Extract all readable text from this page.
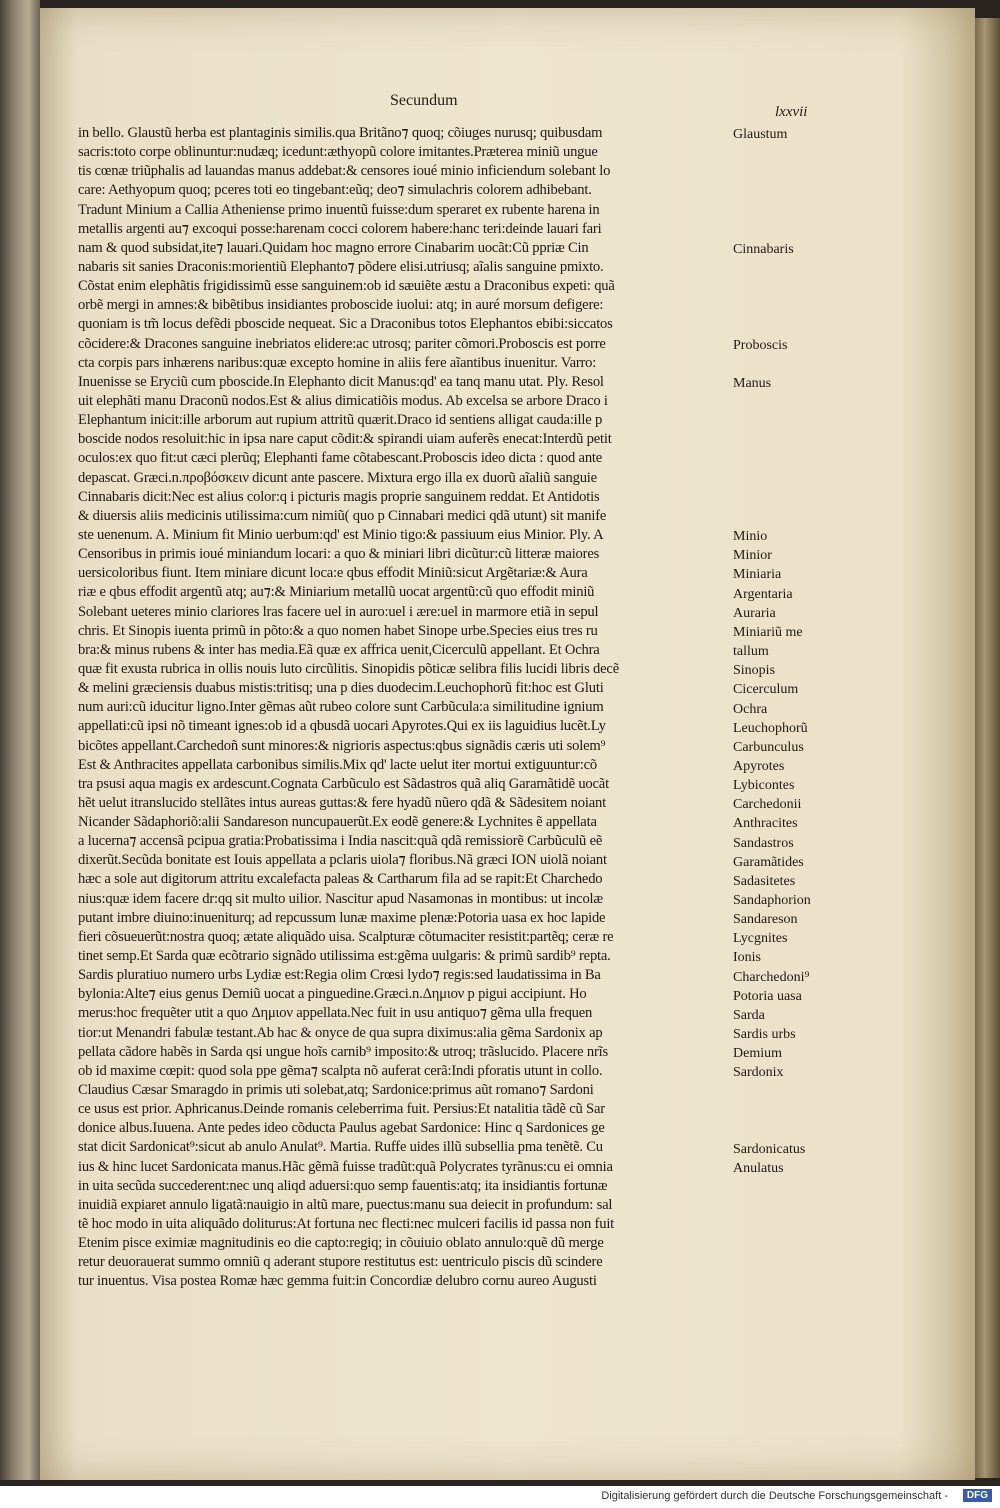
Secundum
lxxvii
in bello. Glaustũ herba est plantaginis similis.qua Britãno⁊ quoq; cõiuges nurusq; quibusdam
sacris:toto corpe oblinuntur:nudæq; icedunt:æthyopũ colore imitantes.Præterea miniũ ungue
tis cœnæ triũphalis ad lauandas manus addebat:& censores ioué minio inficiendum solebant lo
care: Aethyopum quoq; pceres toti eo tingebant:eũq; deo⁊ simulachris colorem adhibebant.
Tradunt Minium a Callia Atheniense primo inuentũ fuisse:dum speraret ex rubente harena in
metallis argenti au⁊ excoqui posse:harenam cocci colorem habere:hanc teri:deinde lauari fari
nam & quod subsidat,ite⁊ lauari.Quidam hoc magno errore Cinabarim uocãt:Cũ ppriæ Cin
nabaris sit sanies Draconis:morientiũ Elephanto⁊ põdere elisi.utriusq; aĩalis sanguine pmixto.
Cõstat enim elephãtis frigidissimũ esse sanguinem:ob id sæuiẽte æstu a Draconibus expeti: quã
orbẽ mergi in amnes:& bibẽtibus insidiantes proboscide iuolui: atq; in auré morsum defigere:
quoniam is tm̃ locus defẽdi pboscide nequeat. Sic a Draconibus totos Elephantos ebibi:siccatos
cõcidere:& Dracones sanguine inebriatos elidere:ac utrosq; pariter cõmori.Proboscis est porre
cta corpis pars inhærens naribus:quæ excepto homine in aliis fere aĩantibus inuenitur. Varro:
Inuenisse se Eryciũ cum pboscide.In Elephanto dicit Manus:qd' ea tanq manu utat. Ply. Resol
uit elephãti manu Draconũ nodos.Est & alius dimicatiõis modus. Ab excelsa se arbore Draco i
Elephantum inicit:ille arborum aut rupium attritũ quærit.Draco id sentiens alligat cauda:ille p
boscide nodos resoluit:hic in ipsa nare caput cõdit:& spirandi uiam auferẽs enecat:Interdũ petit
oculos:ex quo fit:ut cæci plerũq; Elephanti fame cõtabescant.Proboscis ideo dicta : quod ante
depascat. Græci.n.προβόσκειν dicunt ante pascere. Mixtura ergo illa ex duorũ aĩaliũ sanguie
Cinnabaris dicit:Nec est alius color:q i picturis magis proprie sanguinem reddat. Et Antidotis
& diuersis aliis medicinis utilissima:cum nimiũ( quo p Cinnabari medici qdã utunt) sit manife
ste uenenum. A. Minium fit Minio uerbum:qd' est Minio tigo:& passiuum eius Minior. Ply. A
Censoribus in primis ioué miniandum locari: a quo & miniari libri dicũtur:cũ litteræ maiores
uersicoloribus fiunt. Item miniare dicunt loca:e qbus effodit Miniũ:sicut Argẽtariæ:& Aura
riæ e qbus effodit argentũ atq; au⁊:& Miniarium metallũ uocat argentũ:cũ quo effodit miniũ
Solebant ueteres minio clariores lras facere uel in auro:uel i ære:uel in marmore etiã in sepul
chris. Et Sinopis iuenta primũ in põto:& a quo nomen habet Sinope urbe.Species eius tres ru
bra:& minus rubens & inter has media.Eã quæ ex affrica uenit,Cicerculũ appellant. Et Ochra
quæ fit exusta rubrica in ollis nouis luto circũlitis. Sinopidis põticæ selibra filis lucidi libris decẽ
& melini græciensis duabus mistis:tritisq; una p dies duodecim.Leuchophorũ fit:hoc est Gluti
num auri:cũ iducitur ligno.Inter gẽmas aũt rubeo colore sunt Carbũcula:a similitudine ignium
appellati:cũ ipsi nõ timeant ignes:ob id a qbusdã uocari Apyrotes.Qui ex iis laguidius lucẽt.Ly
bicõtes appellant.Carchedoñ sunt minores:& nigrioris aspectus:qbus signãdis cæris uti solem⁹
Est & Anthracites appellata carbonibus similis.Mix qd' lacte uelut iter mortui extiguuntur:cõ
tra psusi aqua magis ex ardescunt.Cognata Carbũculo est Sãdastros quã aliq Garamãtidẽ uocãt
hẽt uelut itranslucido stellãtes intus aureas guttas:& fere hyadũ nũero qdã & Sãdesitem noiant
Nicander Sãdaphoriõ:alii Sandareson nuncupauerũt.Ex eodẽ genere:& Lychnites ẽ appellata
a lucerna⁊ accensã pcipua gratia:Probatissima i India nascit:quã qdã remissiorẽ Carbũculũ eẽ
dixerũt.Secũda bonitate est Iouis appellata a pclaris uiola⁊ floribus.Nã græci ION uiolã noiant
hæc a sole aut digitorum attritu excalefacta paleas & Cartharum fila ad se rapit:Et Charchedo
nius:quæ idem facere dr:qq sit multo uilior. Nascitur apud Nasamonas in montibus: ut incolæ
putant imbre diuino:inueniturq; ad repcussum lunæ maxime plenæ:Potoria uasa ex hoc lapide
fieri cõsueuerũt:nostra quoq; ætate aliquãdo uisa. Scalpturæ cõtumaciter resistit:partẽq; ceræ re
tinet semp.Et Sarda quæ ecõtrario signãdo utilissima est:gẽma uulgaris: & primũ sardib⁹ repta.
Sardis pluratiuo numero urbs Lydiæ est:Regia olim Crœsi lydo⁊ regis:sed laudatissima in Ba
bylonia:Alte⁊ eius genus Demiũ uocat a pinguedine.Græci.n.Δημιον p pigui accipiunt. Ho
merus:hoc frequẽter utit a quo Δημιον appellata.Nec fuit in usu antiquo⁊ gẽma ulla frequen
tior:ut Menandri fabulæ testant.Ab hac & onyce de qua supra diximus:alia gẽma Sardonix ap
pellata cãdore habẽs in Sarda qsi ungue hoĩs carnib⁹ imposito:& utroq; trãslucido. Placere nrĩs
ob id maxime cœpit: quod sola ppe gẽma⁊ scalpta nõ auferat cerã:Indi pforatis utunt in collo.
Claudius Cæsar Smaragdo in primis uti solebat,atq; Sardonice:primus aũt romano⁊ Sardoni
ce usus est prior. Aphricanus.Deinde romanis celeberrima fuit. Persius:Et natalitia tãdẽ cũ Sar
donice albus.Iuuena. Ante pedes ideo cõducta Paulus agebat Sardonice: Hinc q Sardonices ge
stat dicit Sardonicat⁹:sicut ab anulo Anulat⁹. Martia. Ruffe uides illũ subsellia pma tenẽtẽ. Cu
ius & hinc lucet Sardonicata manus.Hãc gẽmã fuisse tradũt:quã Polycrates tyrãnus:cu ei omnia
in uita secũda succederent:nec unq aliqd aduersi:quo semp fauentis:atq; ita insidiantis fortunæ
inuidiã expiaret annulo ligatã:nauigio in altũ mare, puectus:manu sua deiecit in profundum: sal
tẽ hoc modo in uita aliquãdo doliturus:At fortuna nec flecti:nec mulceri facilis id passa non fuit
Etenim pisce eximiæ magnitudinis eo die capto:regiq; in cõuiuio oblato annulo:quẽ dũ merge
retur deuorauerat summo omniũ q aderant stupore restitutus est: uentriculo piscis dũ scindere
tur inuentus. Visa postea Romæ hæc gemma fuit:in Concordiæ delubro cornu aureo Augusti
Glaustum
Cinnabaris
Proboscis
Manus
Minio
Minior
Miniaria
Argentaria
Auraria
Miniariũ me
tallum
Sinopis
Cicerculum
Ochra
Leuchophorũ
Carbunculus
Apyrotes
Lybicontes
Carchedonii
Anthracites
Sandastros
Garamãtides
Sadasitetes
Sandaphorion
Sandareson
Lycgnites
Ionis
Charchedoni⁹
Potoria uasa
Sarda
Sardis urbs
Demium
Sardonix
Sardonicatus
Anulatus
Digitalisierung gefördert durch die Deutsche Forschungsgemeinschaft -	DFG
